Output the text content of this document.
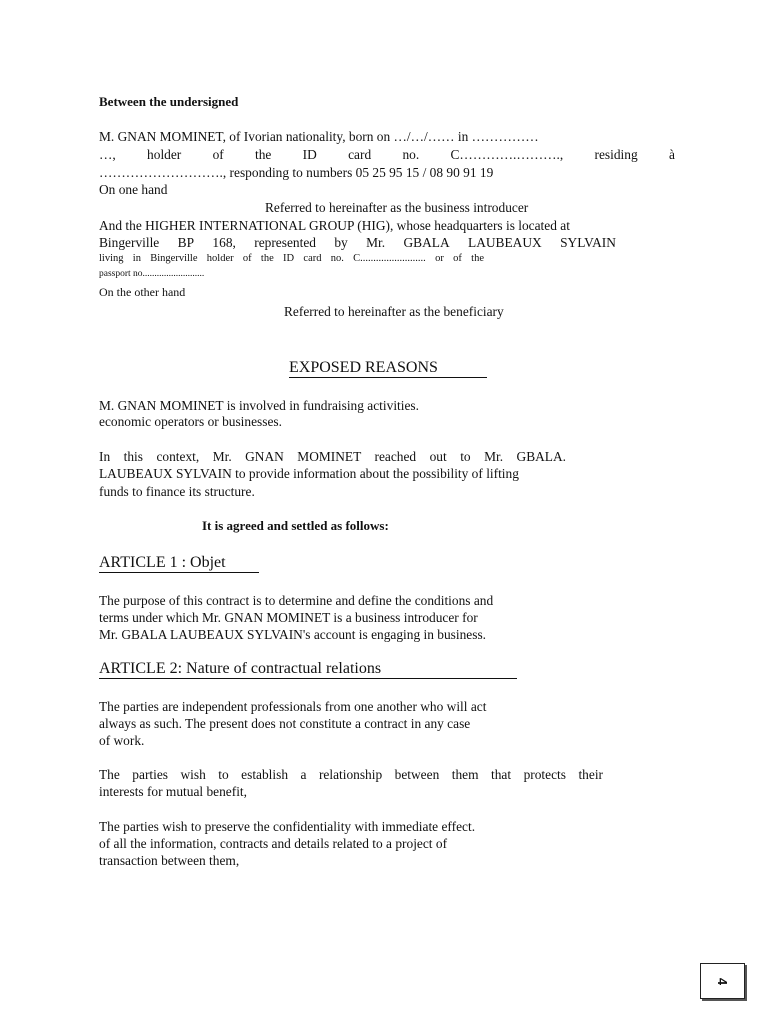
Between the undersigned
M. GNAN MOMINET, of Ivorian nationality, born on …/…/…… in ……………
…, holder of the ID card no. C………….………., residing à
………………………., responding to numbers 05 25 95 15 / 08 90 91 19
On one hand
Referred to hereinafter as the business introducer
And the HIGHER INTERNATIONAL GROUP (HIG), whose headquarters is located at
Bingerville BP 168, represented by Mr. GBALA LAUBEAUX SYLVAIN
living in Bingerville holder of the ID card no. C......................... or of the
passport no..........................
On the other hand
Referred to hereinafter as the beneficiary
EXPOSED REASONS
M. GNAN MOMINET is involved in fundraising activities.
economic operators or businesses.
In this context, Mr. GNAN MOMINET reached out to Mr. GBALA.
LAUBEAUX SYLVAIN to provide information about the possibility of lifting
funds to finance its structure.
It is agreed and settled as follows:
ARTICLE 1 : Objet
The purpose of this contract is to determine and define the conditions and
terms under which Mr. GNAN MOMINET is a business introducer for
Mr. GBALA LAUBEAUX SYLVAIN's account is engaging in business.
ARTICLE 2: Nature of contractual relations
The parties are independent professionals from one another who will act
always as such. The present does not constitute a contract in any case
of work.
The parties wish to establish a relationship between them that protects their
interests for mutual benefit,
The parties wish to preserve the confidentiality with immediate effect.
of all the information, contracts and details related to a project of
transaction between them,
4
